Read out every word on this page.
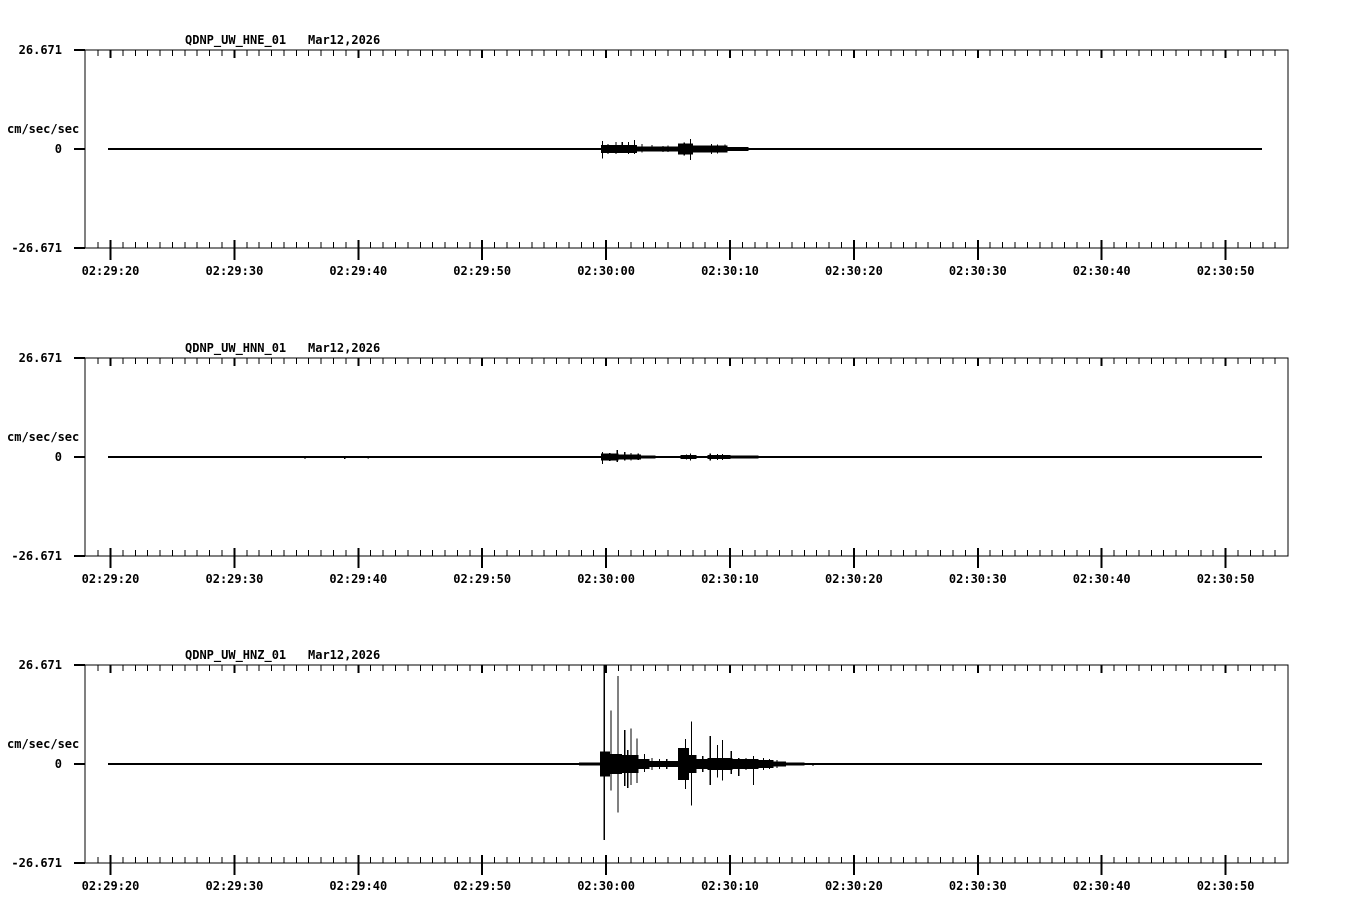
02:29:20	02:29:30	02:29:40	02:29:50	02:30:00	02:30:10	02:30:20	02:30:30	02:30:40	02:30:50
02:29:20	02:29:30	02:29:40	02:29:50	02:30:00	02:30:10	02:30:20	02:30:30	02:30:40	02:30:50
02:29:20	02:29:30	02:29:40	02:29:50	02:30:00	02:30:10	02:30:20	02:30:30	02:30:40	02:30:50
QDNP_UW_HNE_01 Mar12,2026
26.671
cm/sec/sec
0
-26.671
QDNP_UW_HNN_01 Mar12,2026
26.671
cm/sec/sec
0
-26.671
QDNP_UW_HNZ_01 Mar12,2026
26.671
cm/sec/sec
0
-26.671
